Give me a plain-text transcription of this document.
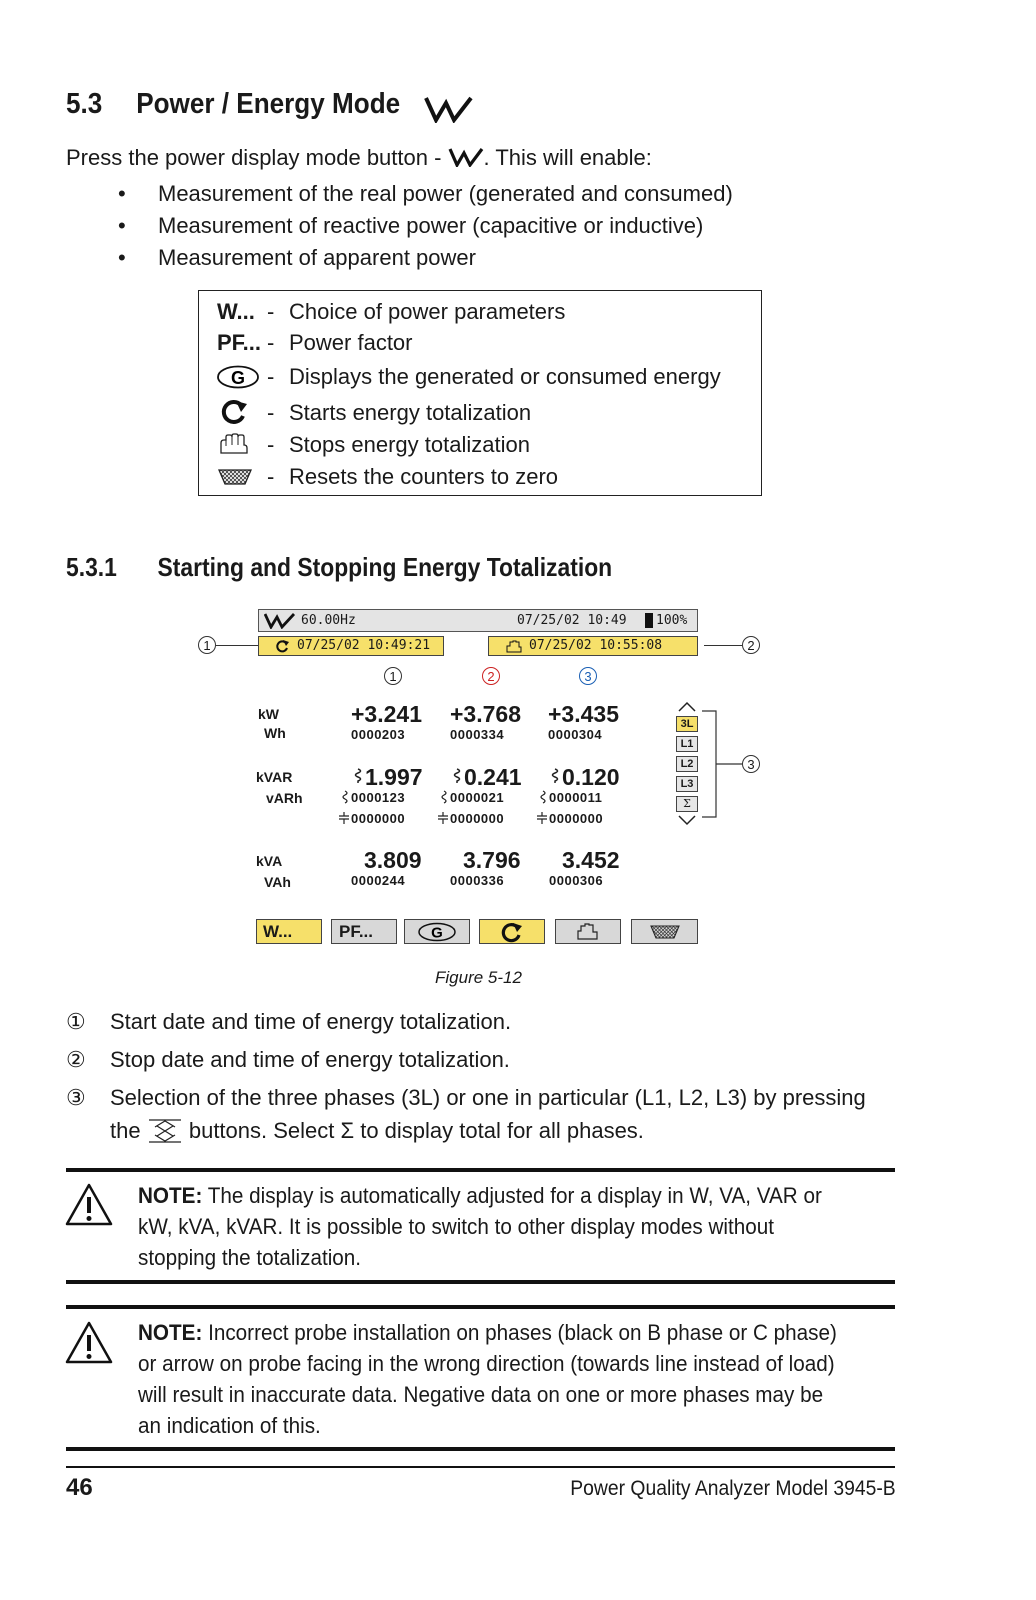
5.3 Power / Energy Mode
Press the power display mode button - . This will enable:
• Measurement of the real power (generated and consumed)
• Measurement of reactive power (capacitive or inductive)
• Measurement of apparent power
W... - Choice of power parameters
PF... - Power factor
G - Displays the generated or consumed energy
- Starts energy totalization
- Stops energy totalization
- Resets the counters to zero
5.3.1 Starting and Stopping Energy Totalization
60.00Hz	07/25/02 10:49 100%
1	07/25/02 10:49:21	07/25/02 10:55:08	2
1	2	3
kW
Wh
+3.241 +3.768 +3.435
0000203	0000334	0000304
kVAR
vARh
1.997 0.241 0.120
0000123	0000021	0000011
0000000	0000000	0000000
kVA
VAh
3.809 3.796 3.452
0000244	0000336	0000306
3L
L1
L2
L3
Σ
3
W...	PF...	G
Figure 5-12
① Start date and time of energy totalization.
② Stop date and time of energy totalization.
③ Selection of the three phases (3L) or one in particular (L1, L2, L3) by pressing
the buttons. Select Σ to display total for all phases.
NOTE: The display is automatically adjusted for a display in W, VA, VAR or kW, kVA, kVAR. It is possible to switch to other display modes without stopping the totalization.
NOTE: Incorrect probe installation on phases (black on B phase or C phase) or arrow on probe facing in the wrong direction (towards line instead of load) will result in inaccurate data. Negative data on one or more phases may be an indication of this.
46	Power Quality Analyzer Model 3945-B
